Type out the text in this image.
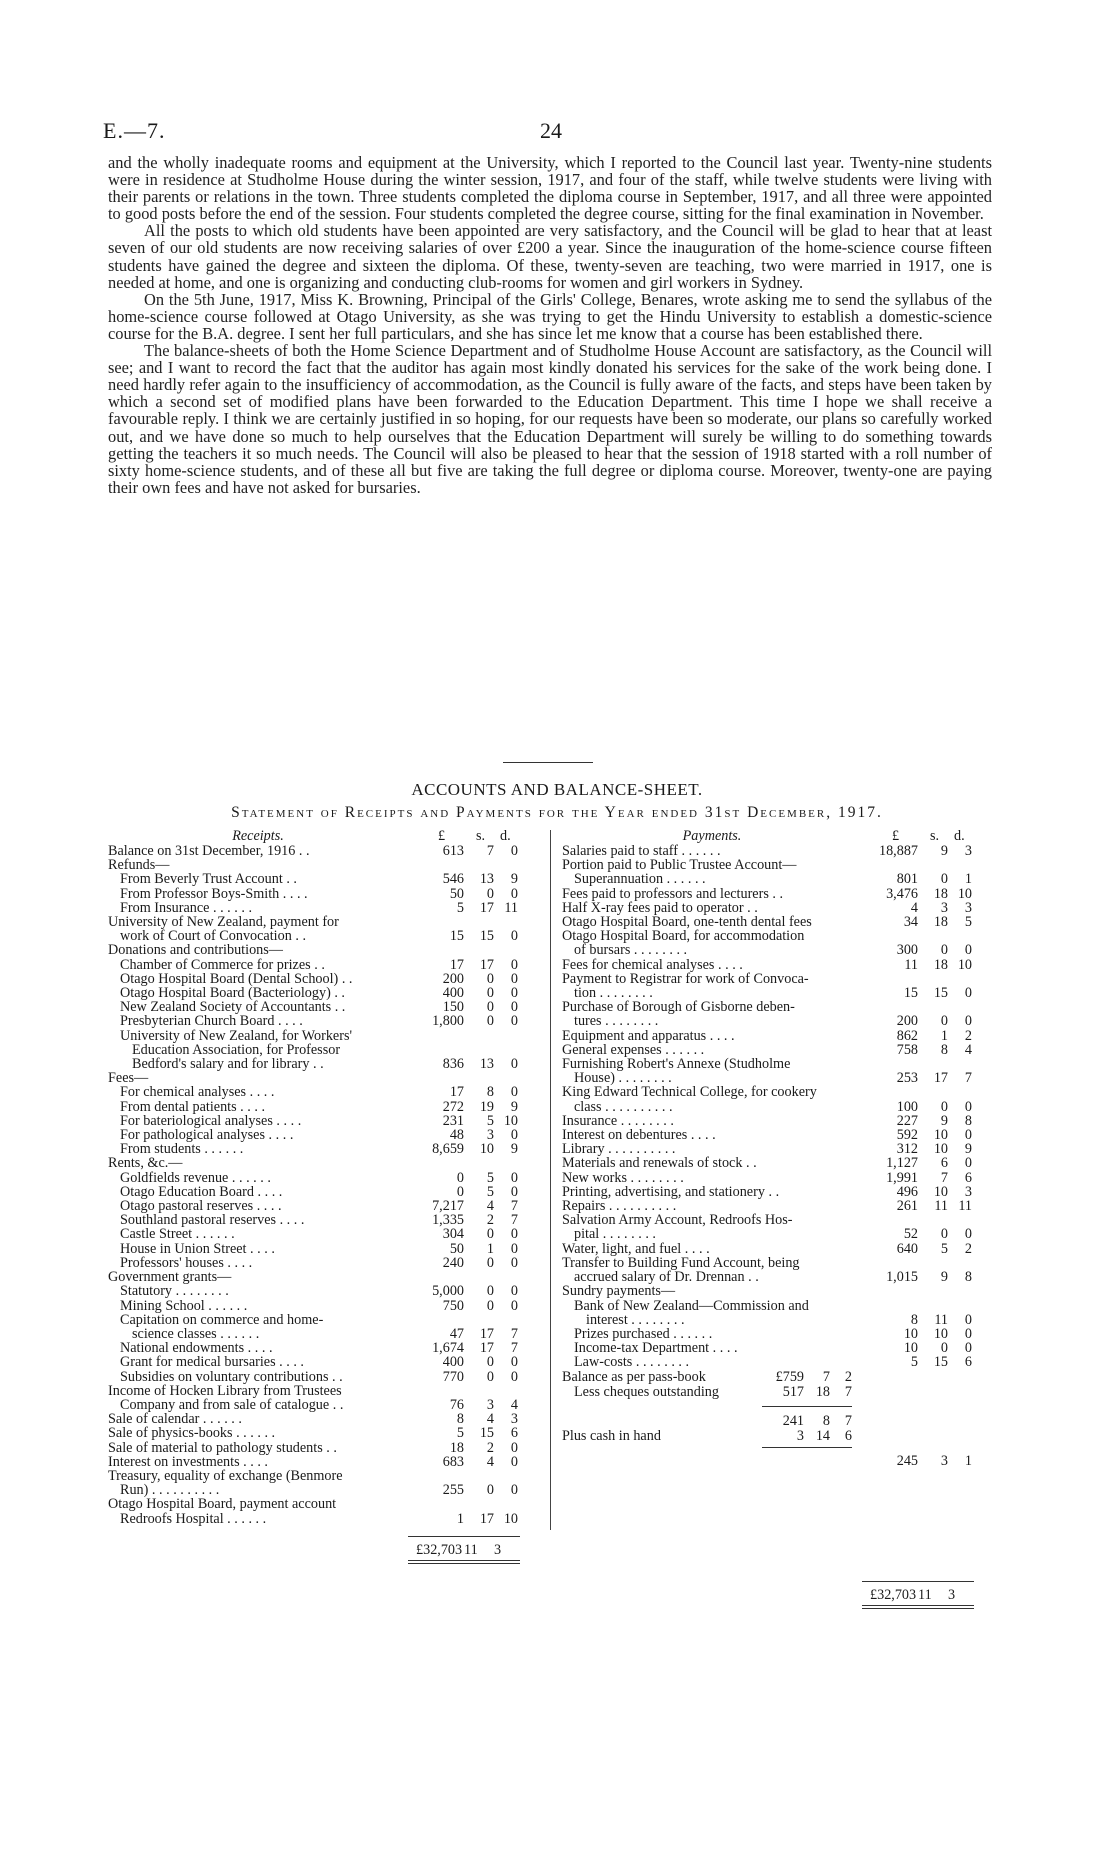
E.—7.	24

and the wholly inadequate rooms and equipment at the University, which I reported to the Council last year. Twenty-nine students were in residence at Studholme House during the winter session, 1917, and four of the staff, while twelve students were living with their parents or relations in the town. Three students completed the diploma course in September, 1917, and all three were appointed to good posts before the end of the session. Four students completed the degree course, sitting for the final examination in November.

All the posts to which old students have been appointed are very satisfactory, and the Council will be glad to hear that at least seven of our old students are now receiving salaries of over £200 a year. Since the inauguration of the home-science course fifteen students have gained the degree and sixteen the diploma. Of these, twenty-seven are teaching, two were married in 1917, one is needed at home, and one is organizing and conducting club-rooms for women and girl workers in Sydney.

On the 5th June, 1917, Miss K. Browning, Principal of the Girls' College, Benares, wrote asking me to send the syllabus of the home-science course followed at Otago University, as she was trying to get the Hindu University to establish a domestic-science course for the B.A. degree. I sent her full particulars, and she has since let me know that a course has been established there.

The balance-sheets of both the Home Science Department and of Studholme House Account are satisfactory, as the Council will see; and I want to record the fact that the auditor has again most kindly donated his services for the sake of the work being done. I need hardly refer again to the insufficiency of accommodation, as the Council is fully aware of the facts, and steps have been taken by which a second set of modified plans have been forwarded to the Education Department. This time I hope we shall receive a favourable reply. I think we are certainly justified in so hoping, for our requests have been so moderate, our plans so carefully worked out, and we have done so much to help ourselves that the Education Department will surely be willing to do something towards getting the teachers it so much needs. The Council will also be pleased to hear that the session of 1918 started with a roll number of sixty home-science students, and of these all but five are taking the full degree or diploma course. Moreover, twenty-one are paying their own fees and have not asked for bursaries.

ACCOUNTS AND BALANCE-SHEET.
Statement of Receipts and Payments for the Year ended 31st December, 1917.
Receipts.	£ s. d.
Balance on 31st December, 1916 . .	613	7	0
Refunds—
From Beverly Trust Account . .	546	13	9
From Professor Boys-Smith . . . .	50	0	0
From Insurance . . . . . .	5	17 11
University of New Zealand, payment for
work of Court of Convocation . .	15	15	0
Donations and contributions—
Chamber of Commerce for prizes . .	17	17	0
Otago Hospital Board (Dental School) . .	200	0	0
Otago Hospital Board (Bacteriology) . .	400	0	0
New Zealand Society of Accountants . .	150	0	0
Presbyterian Church Board . . . .	1,800	0	0
University of New Zealand, for Workers'
Education Association, for Professor
Bedford's salary and for library . .	836	13	0
Fees—
For chemical analyses . . . .	17	8	0
From dental patients . . . .	272	19	9
For bateriological analyses . . . .	231	5 10
For pathological analyses . . . .	48	3	0
From students . . . . . .	8,659	10	9
Rents, &c.—
Goldfields revenue . . . . . .	0	5	0
Otago Education Board . . . .	0	5	0
Otago pastoral reserves . . . .	7,217	4	7
Southland pastoral reserves . . . .	1,335	2	7
Castle Street . . . . . .	304	0	0
House in Union Street . . . .	50	1	0
Professors' houses . . . .	240	0	0
Government grants—
Statutory . . . . . . . .	5,000	0	0
Mining School . . . . . .	750	0	0
Capitation on commerce and home-
science classes . . . . . .	47	17	7
National endowments . . . .	1,674	17	7
Grant for medical bursaries . . . .	400	0	0
Subsidies on voluntary contributions . .	770	0	0
Income of Hocken Library from Trustees
Company and from sale of catalogue . .	76	3	4
Sale of calendar . . . . . .	8	4	3
Sale of physics-books . . . . . .	5	15	6
Sale of material to pathology students . .	18	2	0
Interest on investments . . . .	683	4	0
Treasury, equality of exchange (Benmore
Run) . . . . . . . . . .	255	0	0
Otago Hospital Board, payment account
Redroofs Hospital . . . . . .	1	17 10
£32,703 11	3
Payments.	£ s. d.
Salaries paid to staff . . . . . .	18,887	9	3
Portion paid to Public Trustee Account—
Superannuation . . . . . .	801	0	1
Fees paid to professors and lecturers . .	3,476	18 10
Half X-ray fees paid to operator . .	4	3	3
Otago Hospital Board, one-tenth dental fees	34	18	5
Otago Hospital Board, for accommodation
of bursars . . . . . . . .	300	0	0
Fees for chemical analyses . . . .	11	18 10
Payment to Registrar for work of Convoca-
tion . . . . . . . .	15	15	0
Purchase of Borough of Gisborne deben-
tures . . . . . . . .	200	0	0
Equipment and apparatus . . . .	862	1	2
General expenses . . . . . .	758	8	4
Furnishing Robert's Annexe (Studholme
House) . . . . . . . .	253	17	7
King Edward Technical College, for cookery
class . . . . . . . . . .	100	0	0
Insurance . . . . . . . .	227	9	8
Interest on debentures . . . .	592	10	0
Library . . . . . . . . . .	312	10	9
Materials and renewals of stock . .	1,127	6	0
New works . . . . . . . .	1,991	7	6
Printing, advertising, and stationery . .	496	10	3
Repairs . . . . . . . . . .	261	11 11
Salvation Army Account, Redroofs Hos-
pital . . . . . . . .	52	0	0
Water, light, and fuel . . . .	640	5	2
Transfer to Building Fund Account, being
accrued salary of Dr. Drennan . .	1,015	9	8
Sundry payments—
Bank of New Zealand—Commission and
interest . . . . . . . .	8	11	0
Prizes purchased . . . . . .	10	10	0
Income-tax Department . . . .	10	0	0
Law-costs . . . . . . . .	5	15	6
Balance as per pass-book	£759	7	2
Less cheques outstanding	517 18	7
241	8	7
Plus cash in hand	3 14	6
245	3	1
£32,703 11	3
